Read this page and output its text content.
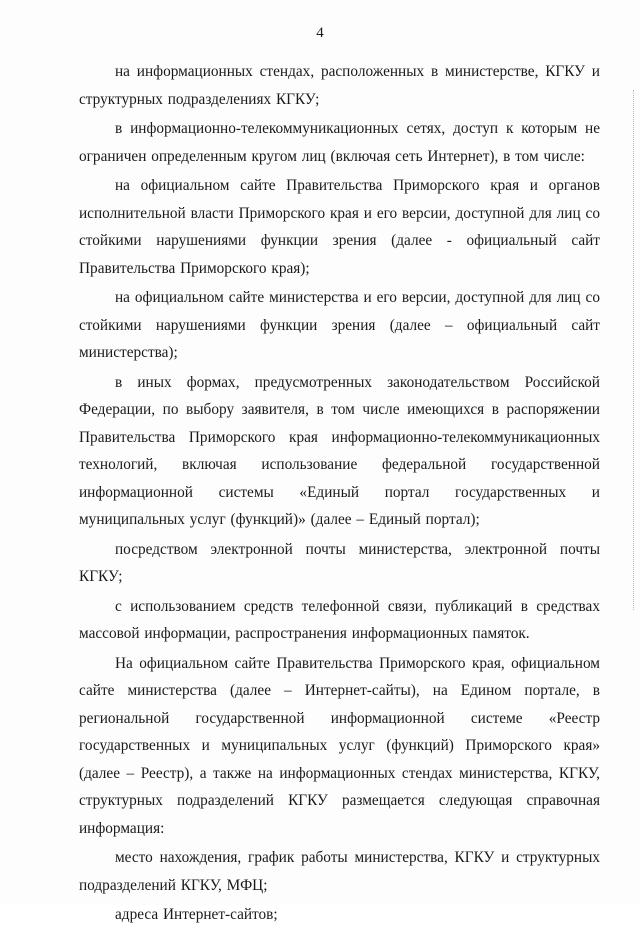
4

на информационных стендах, расположенных в министерстве, КГКУ и структурных подразделениях КГКУ;

в информационно-телекоммуникационных сетях, доступ к которым не ограничен определенным кругом лиц (включая сеть Интернет), в том числе:

на официальном сайте Правительства Приморского края и органов исполнительной власти Приморского края и его версии, доступной для лиц со стойкими нарушениями функции зрения (далее - официальный сайт Правительства Приморского края);

на официальном сайте министерства и его версии, доступной для лиц со стойкими нарушениями функции зрения (далее – официальный сайт министерства);

в иных формах, предусмотренных законодательством Российской Федерации, по выбору заявителя, в том числе имеющихся в распоряжении Правительства Приморского края информационно-телекоммуникационных технологий, включая использование федеральной государственной информационной системы «Единый портал государственных и муниципальных услуг (функций)» (далее – Единый портал);

посредством электронной почты министерства, электронной почты КГКУ;

с использованием средств телефонной связи, публикаций в средствах массовой информации, распространения информационных памяток.

На официальном сайте Правительства Приморского края, официальном сайте министерства (далее – Интернет-сайты), на Едином портале, в региональной государственной информационной системе «Реестр государственных и муниципальных услуг (функций) Приморского края» (далее – Реестр), а также на информационных стендах министерства, КГКУ, структурных подразделений КГКУ размещается следующая справочная информация:

место нахождения, график работы министерства, КГКУ и структурных подразделений КГКУ, МФЦ;

адреса Интернет-сайтов;
